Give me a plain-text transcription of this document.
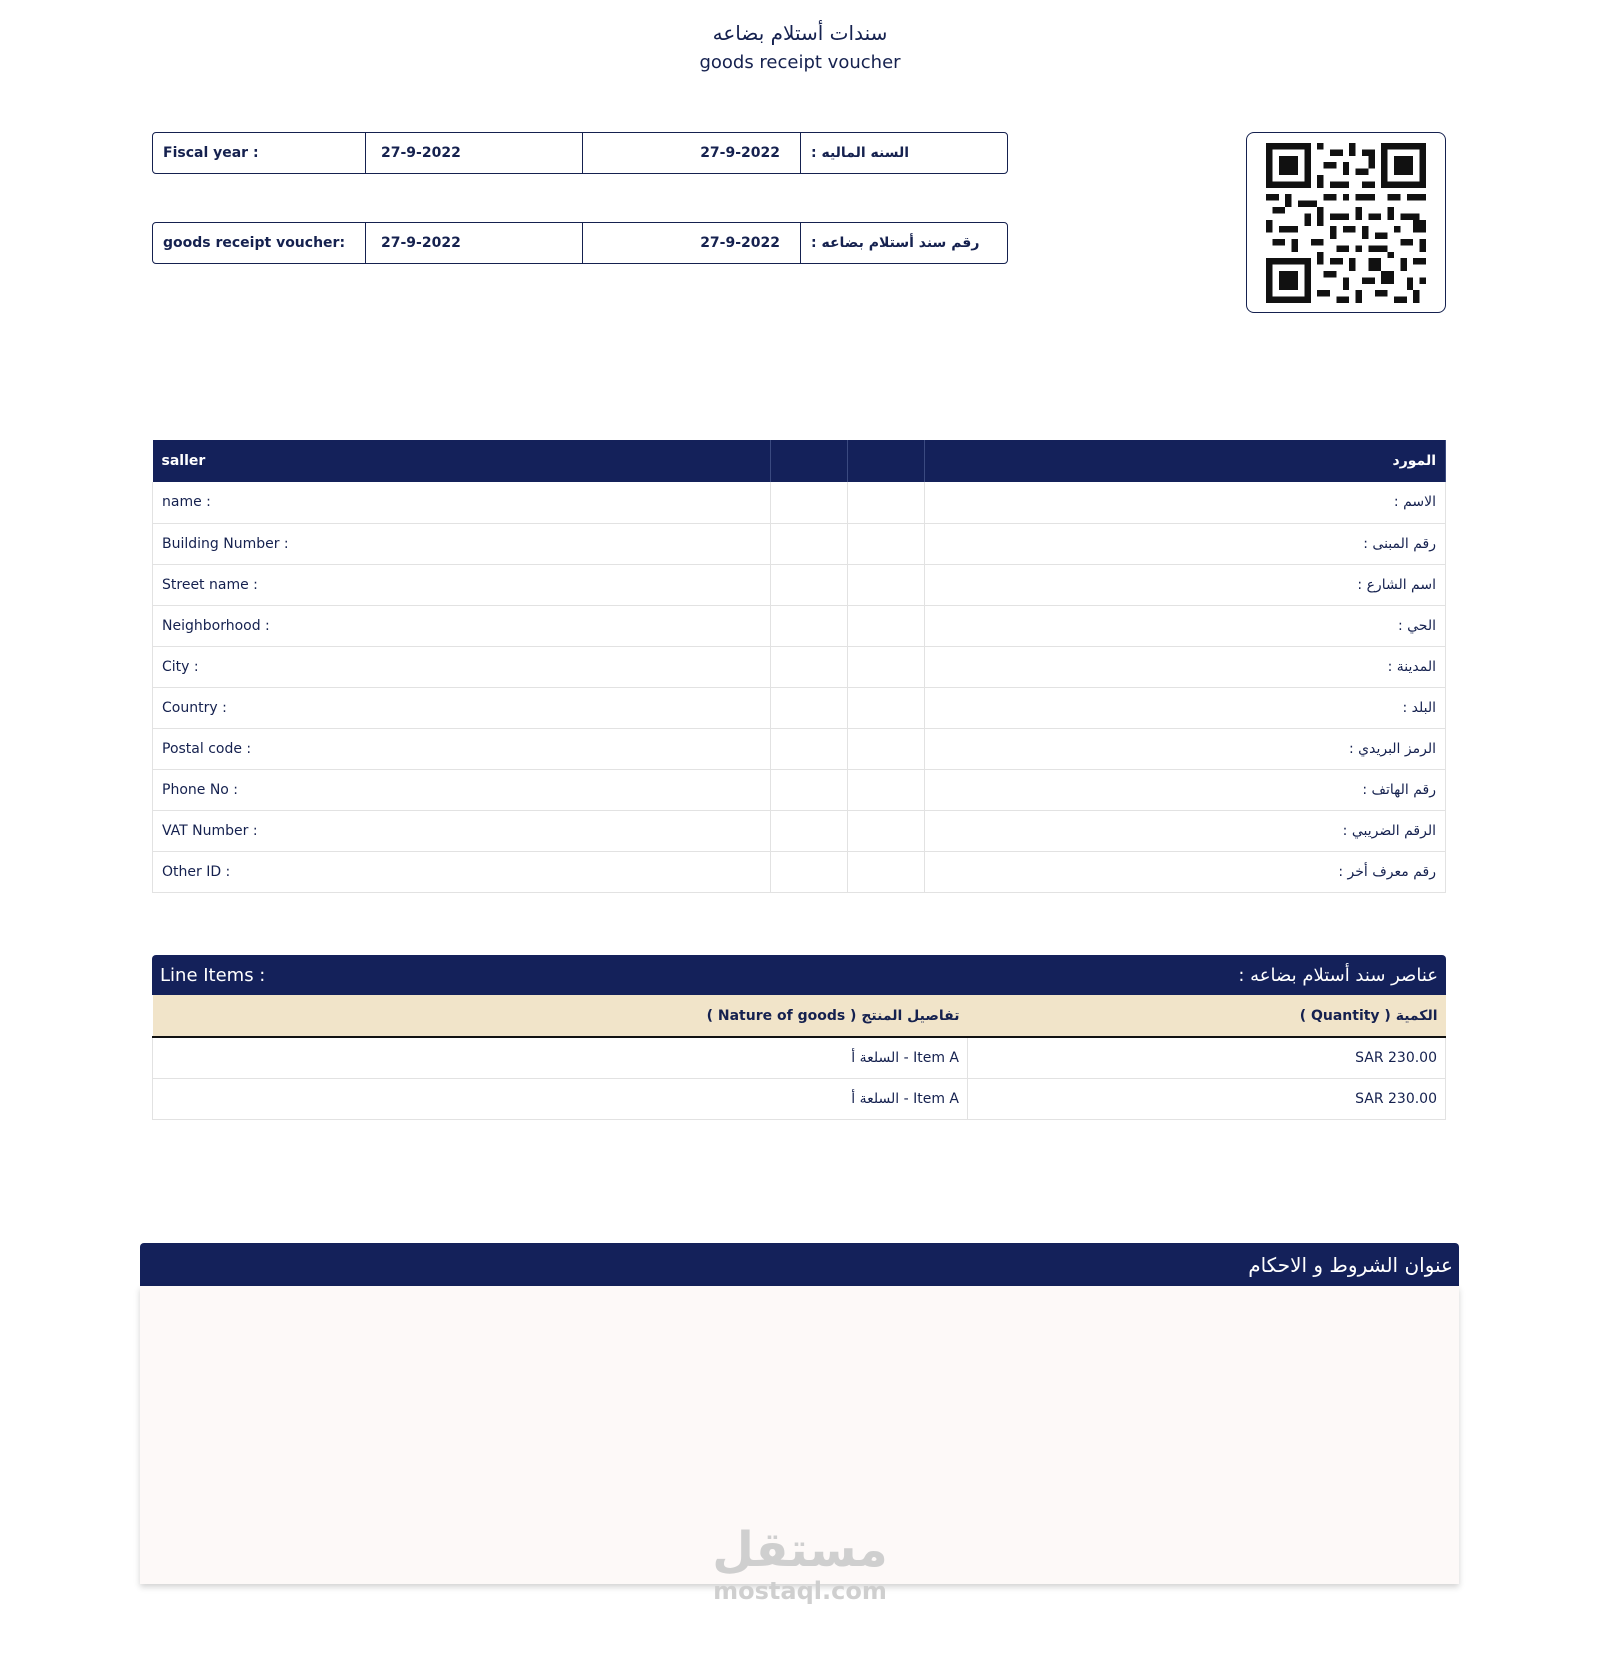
سندات أستلام بضاعه
goods receipt voucher
Fiscal year :	27-9-2022	27-9-2022	السنه الماليه :
goods receipt voucher:	27-9-2022	27-9-2022	رقم سند أستلام بضاعه :
saller			المورد
name :			الاسم :
Building Number :			رقم المبنى :
Street name :			اسم الشارع :
Neighborhood :			الحي :
City :			المدينة :
Country :			البلد :
Postal code :			الرمز البريدي :
Phone No :			رقم الهاتف :
VAT Number :			الرقم الضريبي :
Other ID :			رقم معرف أخر :
Line Items :	عناصر سند أستلام بضاعه :
تفاصيل المنتج ( Nature of goods )	الكمية ( Quantity )
السلعة أ - Item A	SAR 230.00
السلعة أ - Item A	SAR 230.00
عنوان الشروط و الاحكام
مستقل
mostaql.com
